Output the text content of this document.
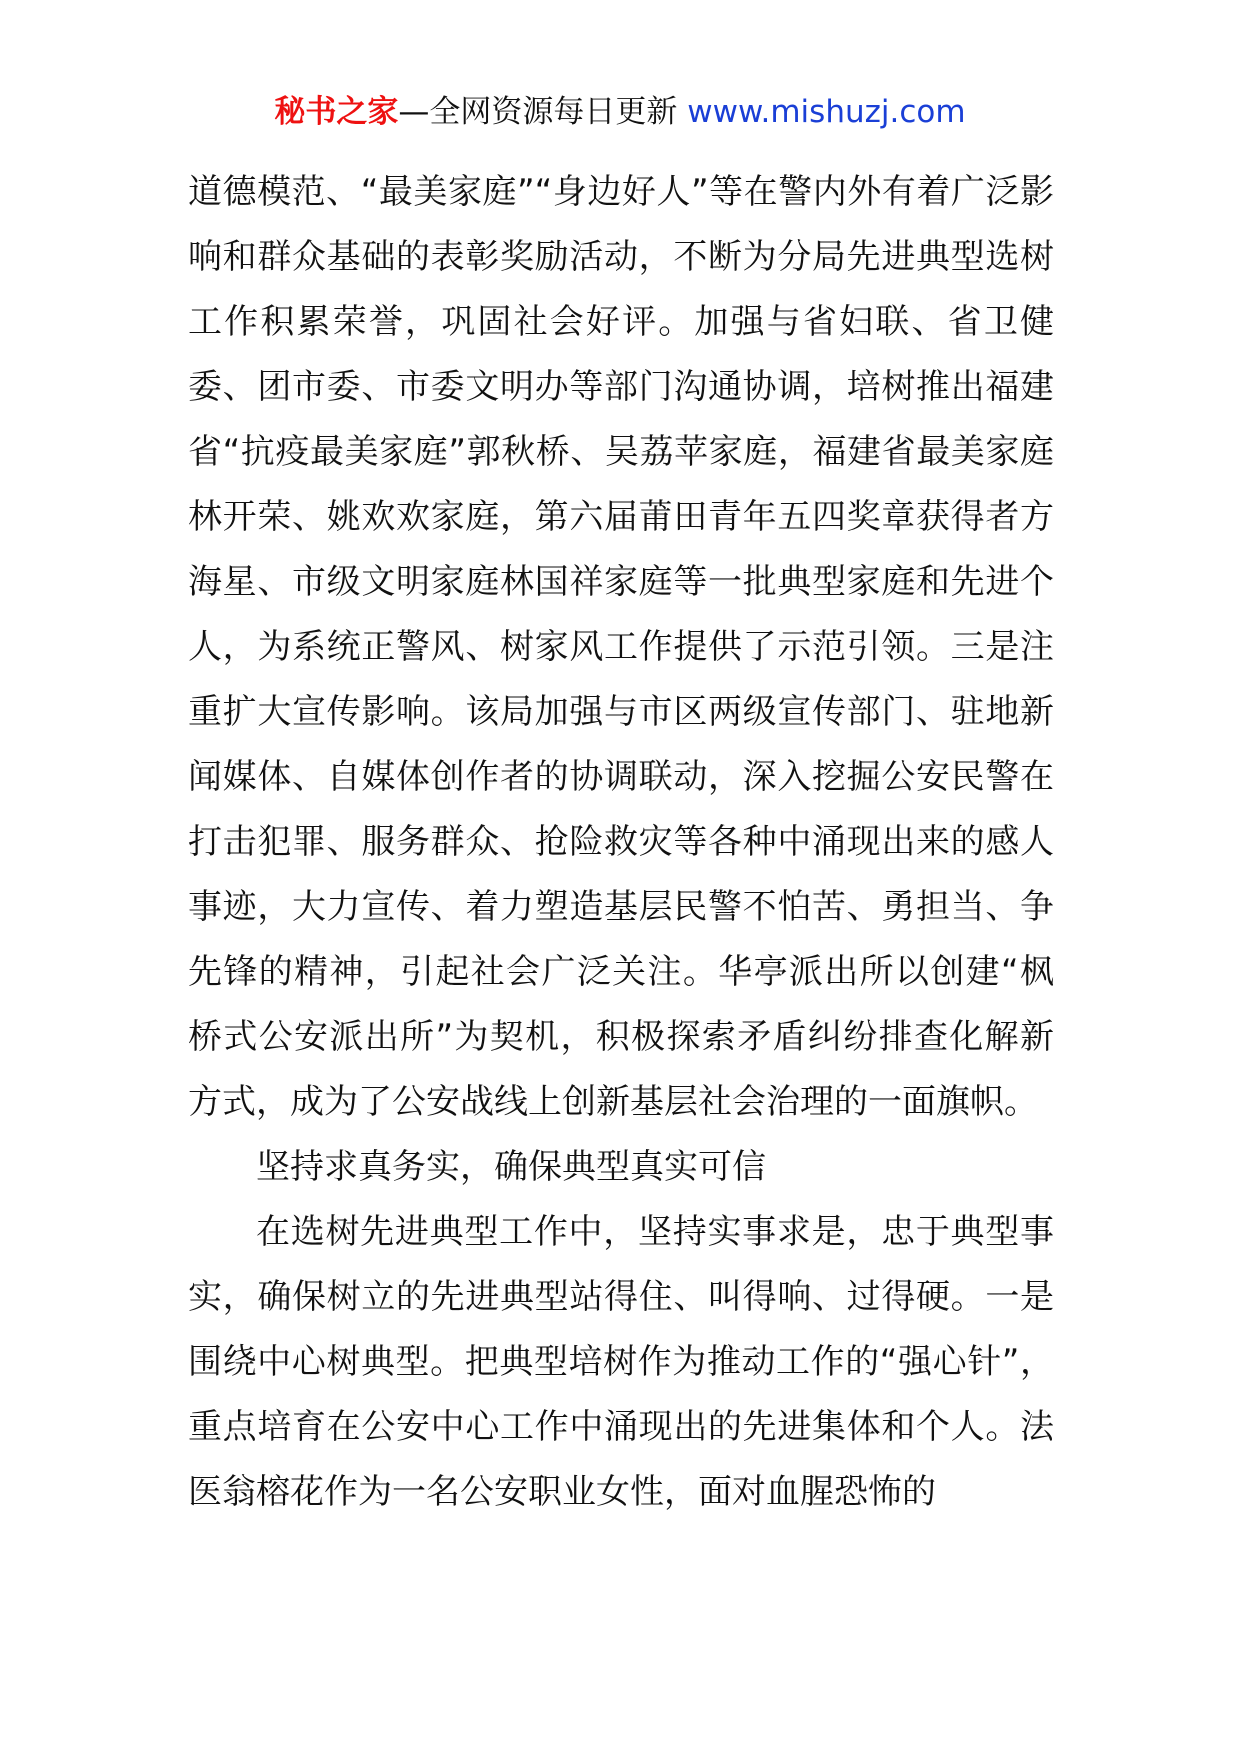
秘书之家—全网资源每日更新 www.mishuzj.com

道德模范、“最美家庭”“身边好人”等在警内外有着广泛影响和群众基础的表彰奖励活动，不断为分局先进典型选树工作积累荣誉，巩固社会好评。加强与省妇联、省卫健委、团市委、市委文明办等部门沟通协调，培树推出福建省“抗疫最美家庭”郭秋桥、吴荔苹家庭，福建省最美家庭林开荣、姚欢欢家庭，第六届莆田青年五四奖章获得者方海星、市级文明家庭林国祥家庭等一批典型家庭和先进个人，为系统正警风、树家风工作提供了示范引领。三是注重扩大宣传影响。该局加强与市区两级宣传部门、驻地新闻媒体、自媒体创作者的协调联动，深入挖掘公安民警在打击犯罪、服务群众、抢险救灾等各种中涌现出来的感人事迹，大力宣传、着力塑造基层民警不怕苦、勇担当、争先锋的精神，引起社会广泛关注。华亭派出所以创建“枫桥式公安派出所”为契机，积极探索矛盾纠纷排查化解新方式，成为了公安战线上创新基层社会治理的一面旗帜。

坚持求真务实，确保典型真实可信

在选树先进典型工作中，坚持实事求是，忠于典型事实，确保树立的先进典型站得住、叫得响、过得硬。一是围绕中心树典型。把典型培树作为推动工作的“强心针”，重点培育在公安中心工作中涌现出的先进集体和个人。法医翁榕花作为一名公安职业女性，面对血腥恐怖的
